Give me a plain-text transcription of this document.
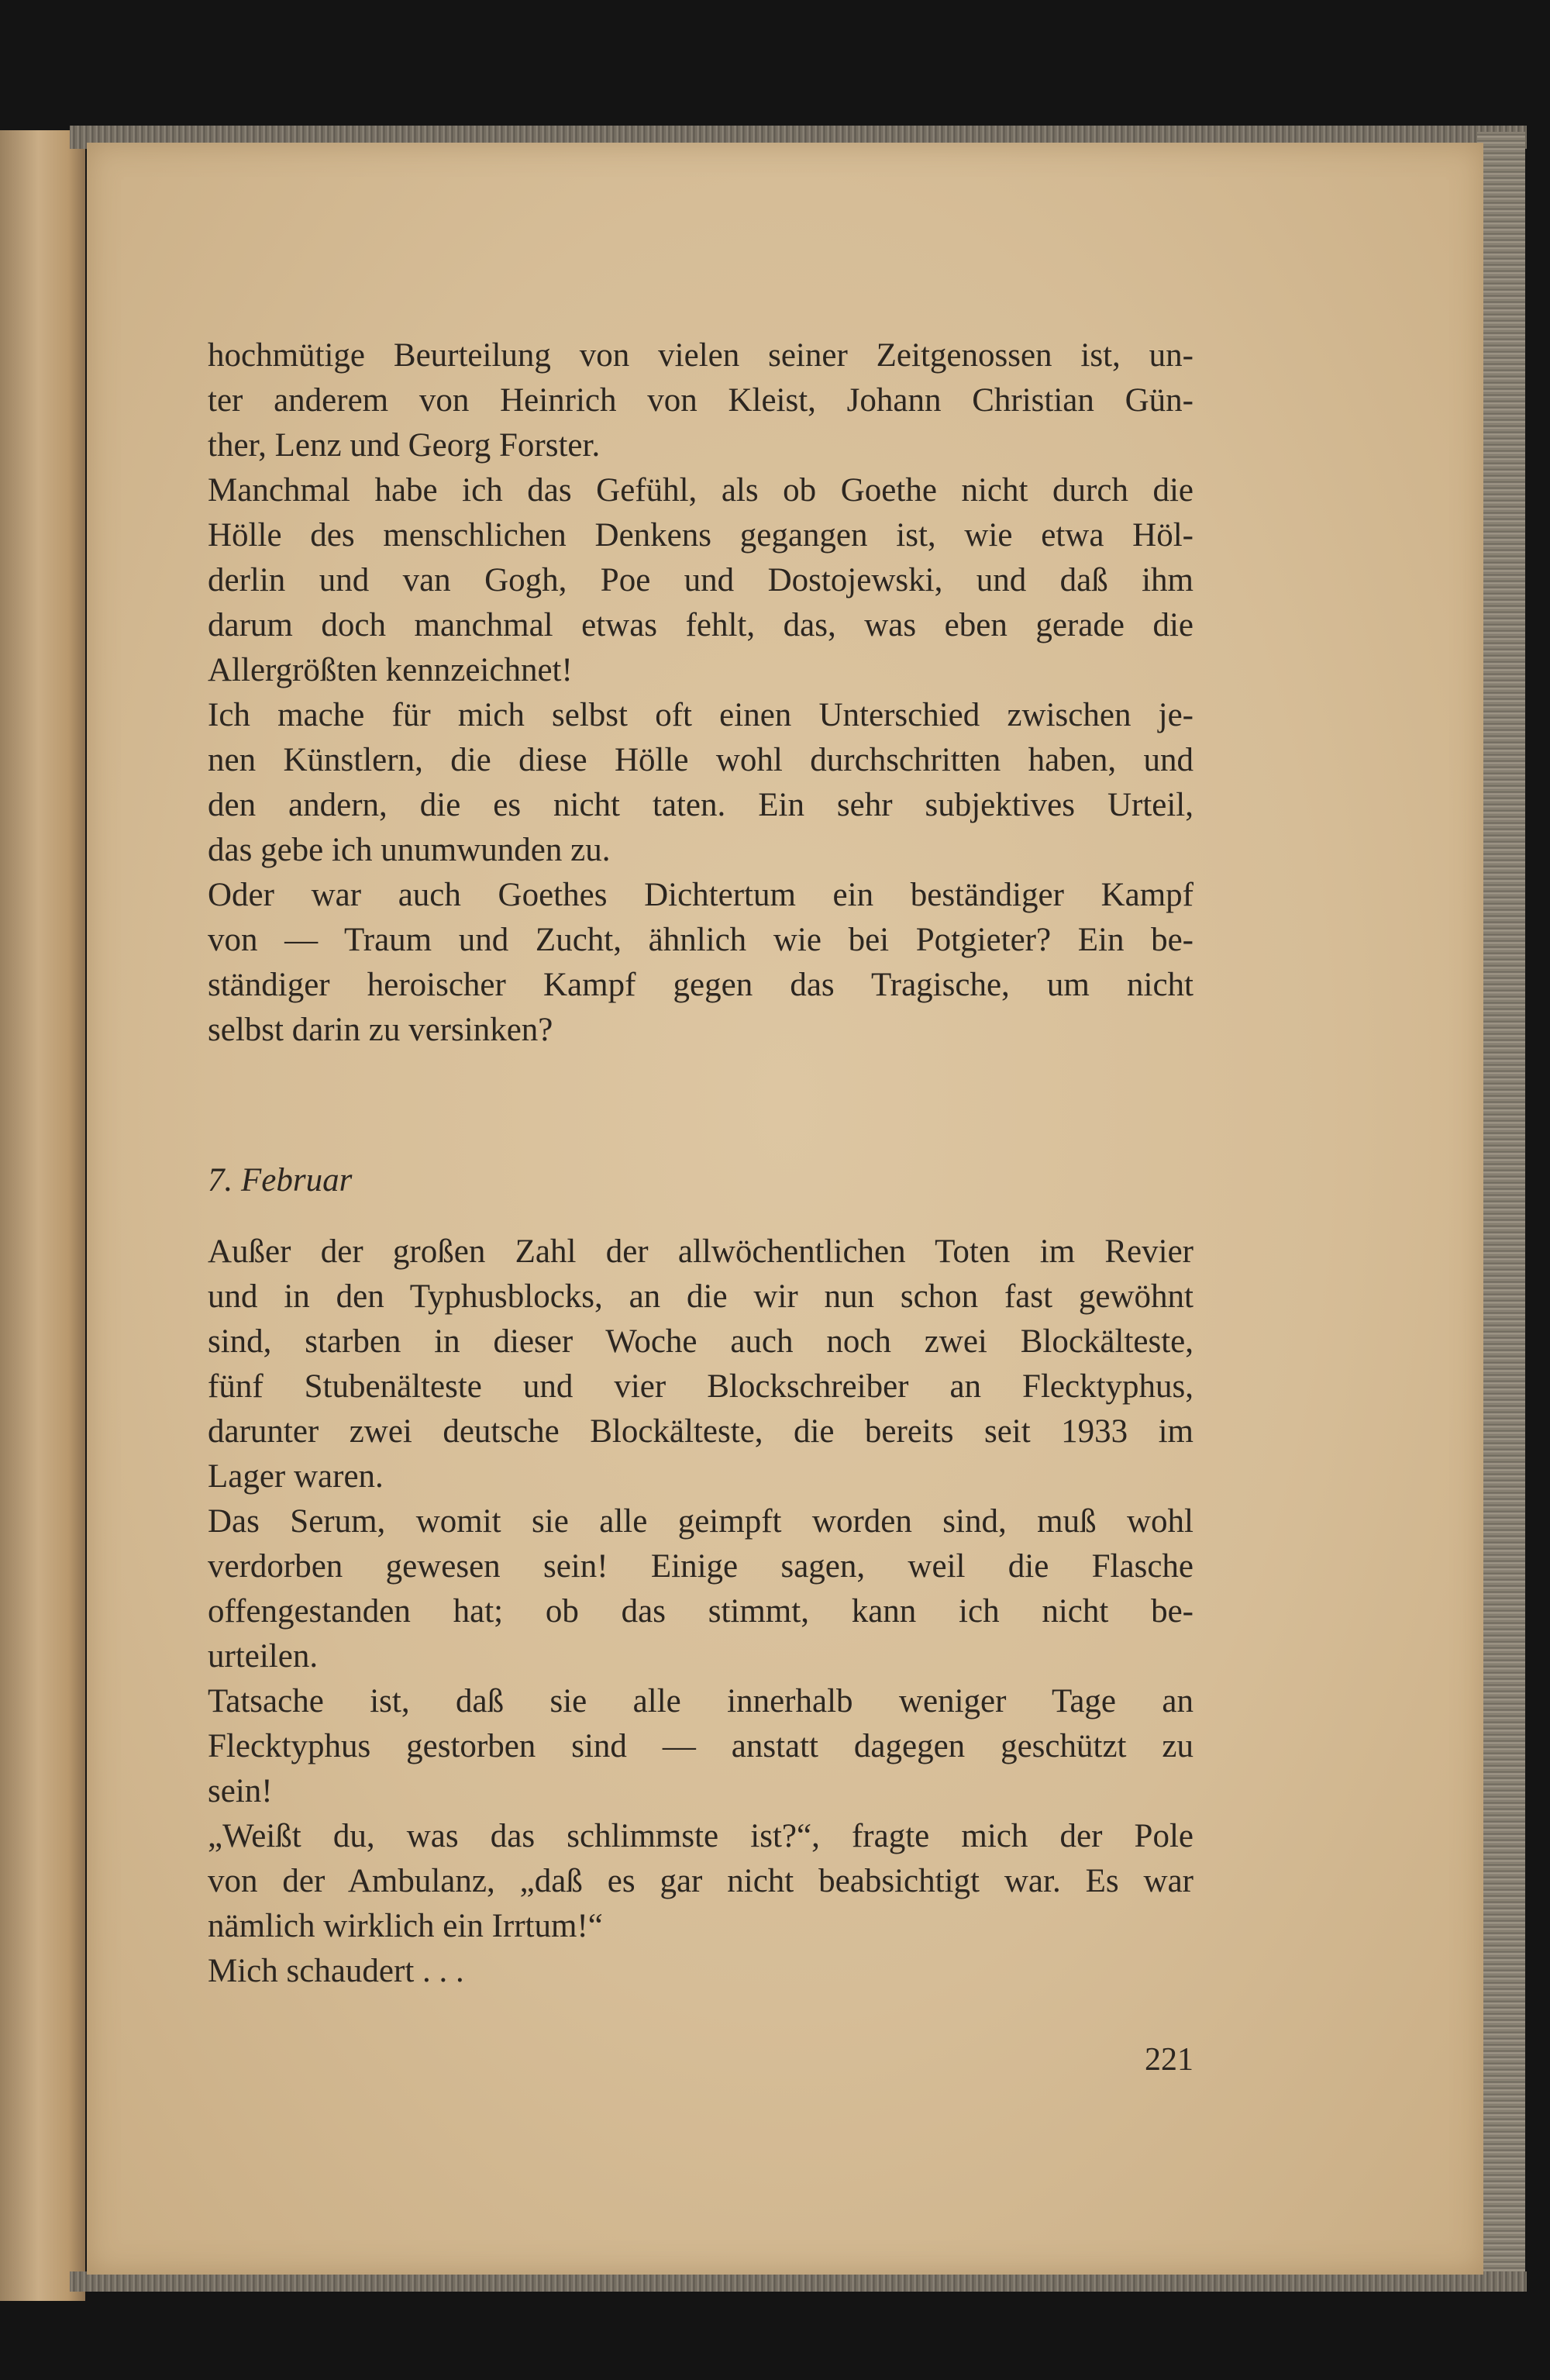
hochmütige Beurteilung von vielen seiner Zeitgenossen ist, un-
ter anderem von Heinrich von Kleist, Johann Christian Gün-
ther, Lenz und Georg Forster.
Manchmal habe ich das Gefühl, als ob Goethe nicht durch die
Hölle des menschlichen Denkens gegangen ist, wie etwa Höl-
derlin und van Gogh, Poe und Dostojewski, und daß ihm
darum doch manchmal etwas fehlt, das, was eben gerade die
Allergrößten kennzeichnet!
Ich mache für mich selbst oft einen Unterschied zwischen je-
nen Künstlern, die diese Hölle wohl durchschritten haben, und
den andern, die es nicht taten. Ein sehr subjektives Urteil,
das gebe ich unumwunden zu.
Oder war auch Goethes Dichtertum ein beständiger Kampf
von — Traum und Zucht, ähnlich wie bei Potgieter? Ein be-
ständiger heroischer Kampf gegen das Tragische, um nicht
selbst darin zu versinken?
7. Februar
Außer der großen Zahl der allwöchentlichen Toten im Revier
und in den Typhusblocks, an die wir nun schon fast gewöhnt
sind, starben in dieser Woche auch noch zwei Blockälteste,
fünf Stubenälteste und vier Blockschreiber an Flecktyphus,
darunter zwei deutsche Blockälteste, die bereits seit 1933 im
Lager waren.
Das Serum, womit sie alle geimpft worden sind, muß wohl
verdorben gewesen sein! Einige sagen, weil die Flasche
offengestanden hat; ob das stimmt, kann ich nicht be-
urteilen.
Tatsache ist, daß sie alle innerhalb weniger Tage an
Flecktyphus gestorben sind — anstatt dagegen geschützt zu
sein!
„Weißt du, was das schlimmste ist?“, fragte mich der Pole
von der Ambulanz, „daß es gar nicht beabsichtigt war. Es war
nämlich wirklich ein Irrtum!“
Mich schaudert . . .
221
